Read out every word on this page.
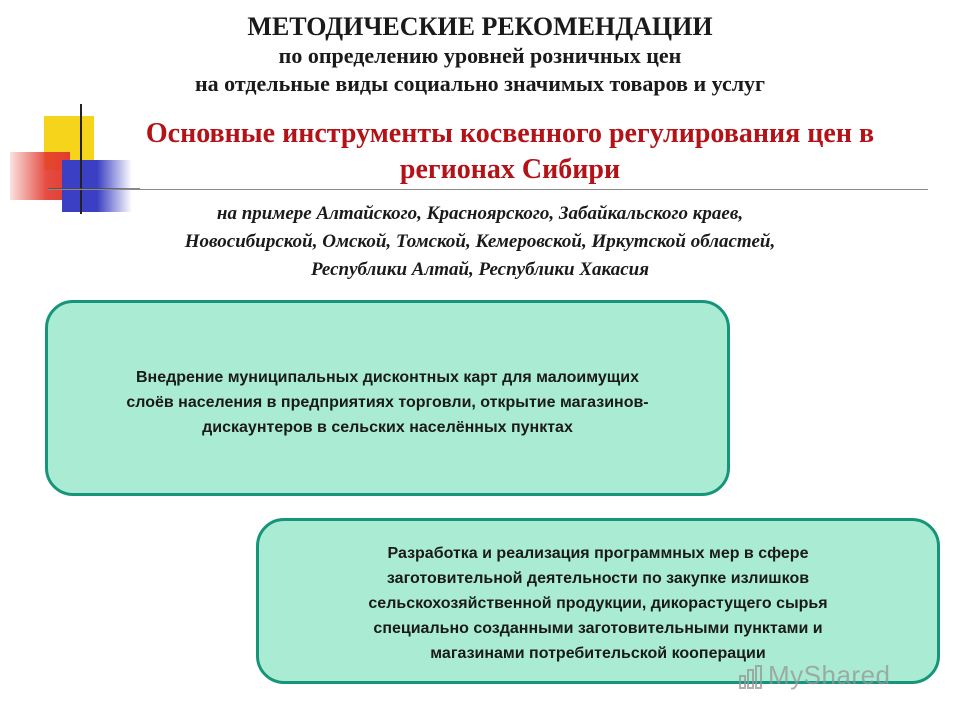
МЕТОДИЧЕСКИЕ РЕКОМЕНДАЦИИ
по определению уровней розничных цен
на отдельные виды социально значимых товаров и услуг
Основные инструменты косвенного регулирования цен в
регионах Сибири
на примере Алтайского, Красноярского, Забайкальского краев,
Новосибирской, Омской, Томской, Кемеровской, Иркутской областей,
Республики Алтай, Республики Хакасия
Внедрение муниципальных дисконтных карт для малоимущих
слоёв населения в предприятиях торговли, открытие магазинов-
дискаунтеров в сельских населённых пунктах
Разработка и реализация программных мер в сфере
заготовительной деятельности по закупке излишков
сельскохозяйственной продукции, дикорастущего сырья
специально созданными заготовительными пунктами и
магазинами потребительской кооперации
MyShared
